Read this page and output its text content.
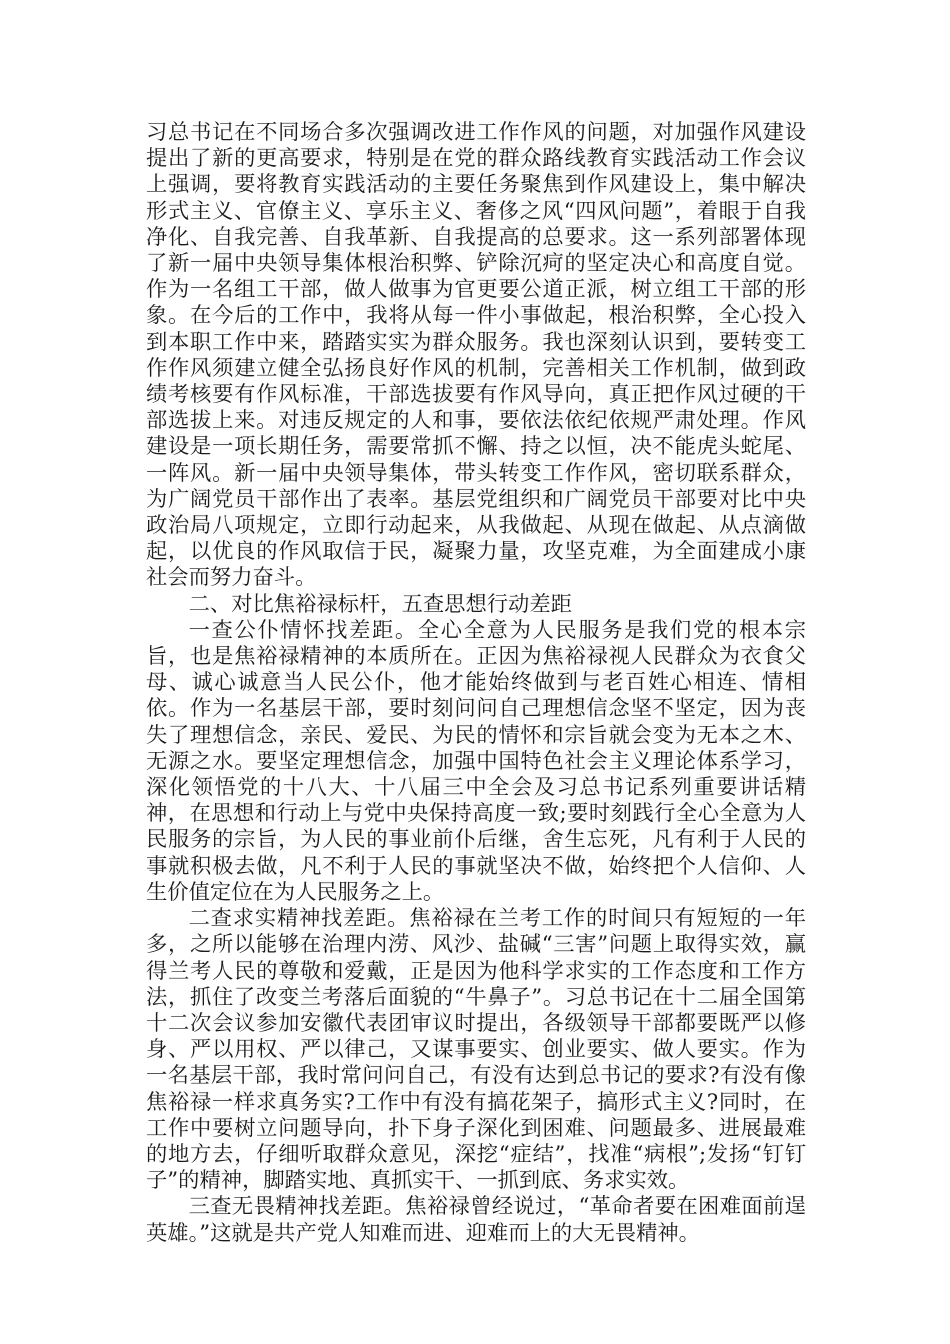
习总书记在不同场合多次强调改进工作作风的问题，对加强作风建设提出了新的更高要求，特别是在党的群众路线教育实践活动工作会议上强调，要将教育实践活动的主要任务聚焦到作风建设上，集中解决形式主义、官僚主义、享乐主义、奢侈之风“四风问题”，着眼于自我净化、自我完善、自我革新、自我提高的总要求。这一系列部署体现了新一届中央领导集体根治积弊、铲除沉疴的坚定决心和高度自觉。作为一名组工干部，做人做事为官更要公道正派，树立组工干部的形象。在今后的工作中，我将从每一件小事做起，根治积弊，全心投入到本职工作中来，踏踏实实为群众服务。我也深刻认识到，要转变工作作风须建立健全弘扬良好作风的机制，完善相关工作机制，做到政绩考核要有作风标准，干部选拔要有作风导向，真正把作风过硬的干部选拔上来。对违反规定的人和事，要依法依纪依规严肃处理。作风建设是一项长期任务，需要常抓不懈、持之以恒，决不能虎头蛇尾、一阵风。新一届中央领导集体，带头转变工作作风，密切联系群众，为广阔党员干部作出了表率。基层党组织和广阔党员干部要对比中央政治局八项规定，立即行动起来，从我做起、从现在做起、从点滴做起，以优良的作风取信于民，凝聚力量，攻坚克难，为全面建成小康社会而努力奋斗。

二、对比焦裕禄标杆，五查思想行动差距

一查公仆情怀找差距。全心全意为人民服务是我们党的根本宗旨，也是焦裕禄精神的本质所在。正因为焦裕禄视人民群众为衣食父母、诚心诚意当人民公仆，他才能始终做到与老百姓心相连、情相依。作为一名基层干部，要时刻问问自己理想信念坚不坚定，因为丧失了理想信念，亲民、爱民、为民的情怀和宗旨就会变为无本之木、无源之水。要坚定理想信念，加强中国特色社会主义理论体系学习，深化领悟党的十八大、十八届三中全会及习总书记系列重要讲话精神，在思想和行动上与党中央保持高度一致;要时刻践行全心全意为人民服务的宗旨，为人民的事业前仆后继，舍生忘死，凡有利于人民的事就积极去做，凡不利于人民的事就坚决不做，始终把个人信仰、人生价值定位在为人民服务之上。

二查求实精神找差距。焦裕禄在兰考工作的时间只有短短的一年多，之所以能够在治理内涝、风沙、盐碱“三害”问题上取得实效，赢得兰考人民的尊敬和爱戴，正是因为他科学求实的工作态度和工作方法，抓住了改变兰考落后面貌的“牛鼻子”。习总书记在十二届全国第十二次会议参加安徽代表团审议时提出，各级领导干部都要既严以修身、严以用权、严以律己，又谋事要实、创业要实、做人要实。作为一名基层干部，我时常问问自己，有没有达到总书记的要求?有没有像焦裕禄一样求真务实?工作中有没有搞花架子，搞形式主义?同时，在工作中要树立问题导向，扑下身子深化到困难、问题最多、进展最难的地方去，仔细听取群众意见，深挖“症结”，找准“病根”;发扬“钉钉子”的精神，脚踏实地、真抓实干、一抓到底、务求实效。

三查无畏精神找差距。焦裕禄曾经说过，“革命者要在困难面前逞英雄。”这就是共产党人知难而进、迎难而上的大无畏精神。
